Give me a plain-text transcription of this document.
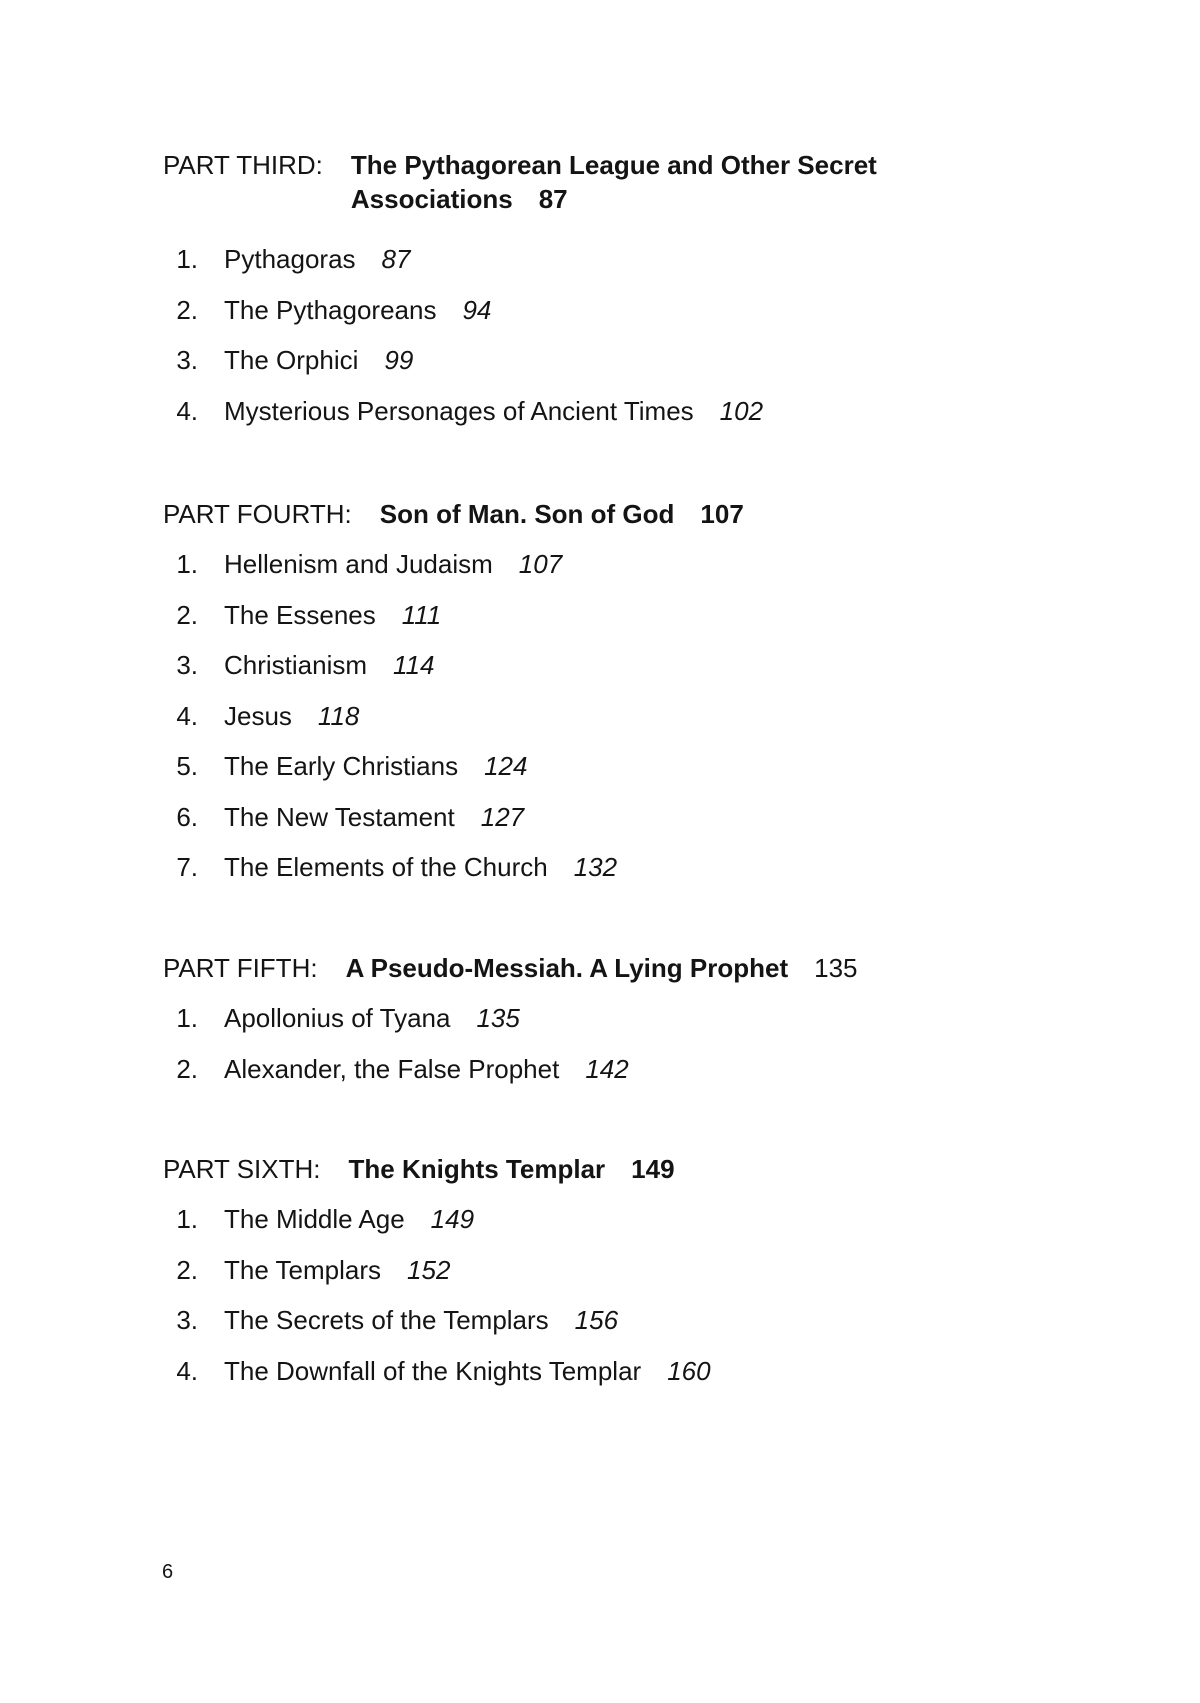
PART THIRD: The Pythagorean League and Other Secret
Associations 87
1. Pythagoras 87
2. The Pythagoreans 94
3. The Orphici 99
4. Mysterious Personages of Ancient Times 102
PART FOURTH: Son of Man. Son of God 107
1. Hellenism and Judaism 107
2. The Essenes 111
3. Christianism 114
4. Jesus 118
5. The Early Christians 124
6. The New Testament 127
7. The Elements of the Church 132
PART FIFTH: A Pseudo-Messiah. A Lying Prophet 135
1. Apollonius of Tyana 135
2. Alexander, the False Prophet 142
PART SIXTH: The Knights Templar 149
1. The Middle Age 149
2. The Templars 152
3. The Secrets of the Templars 156
4. The Downfall of the Knights Templar 160
6
